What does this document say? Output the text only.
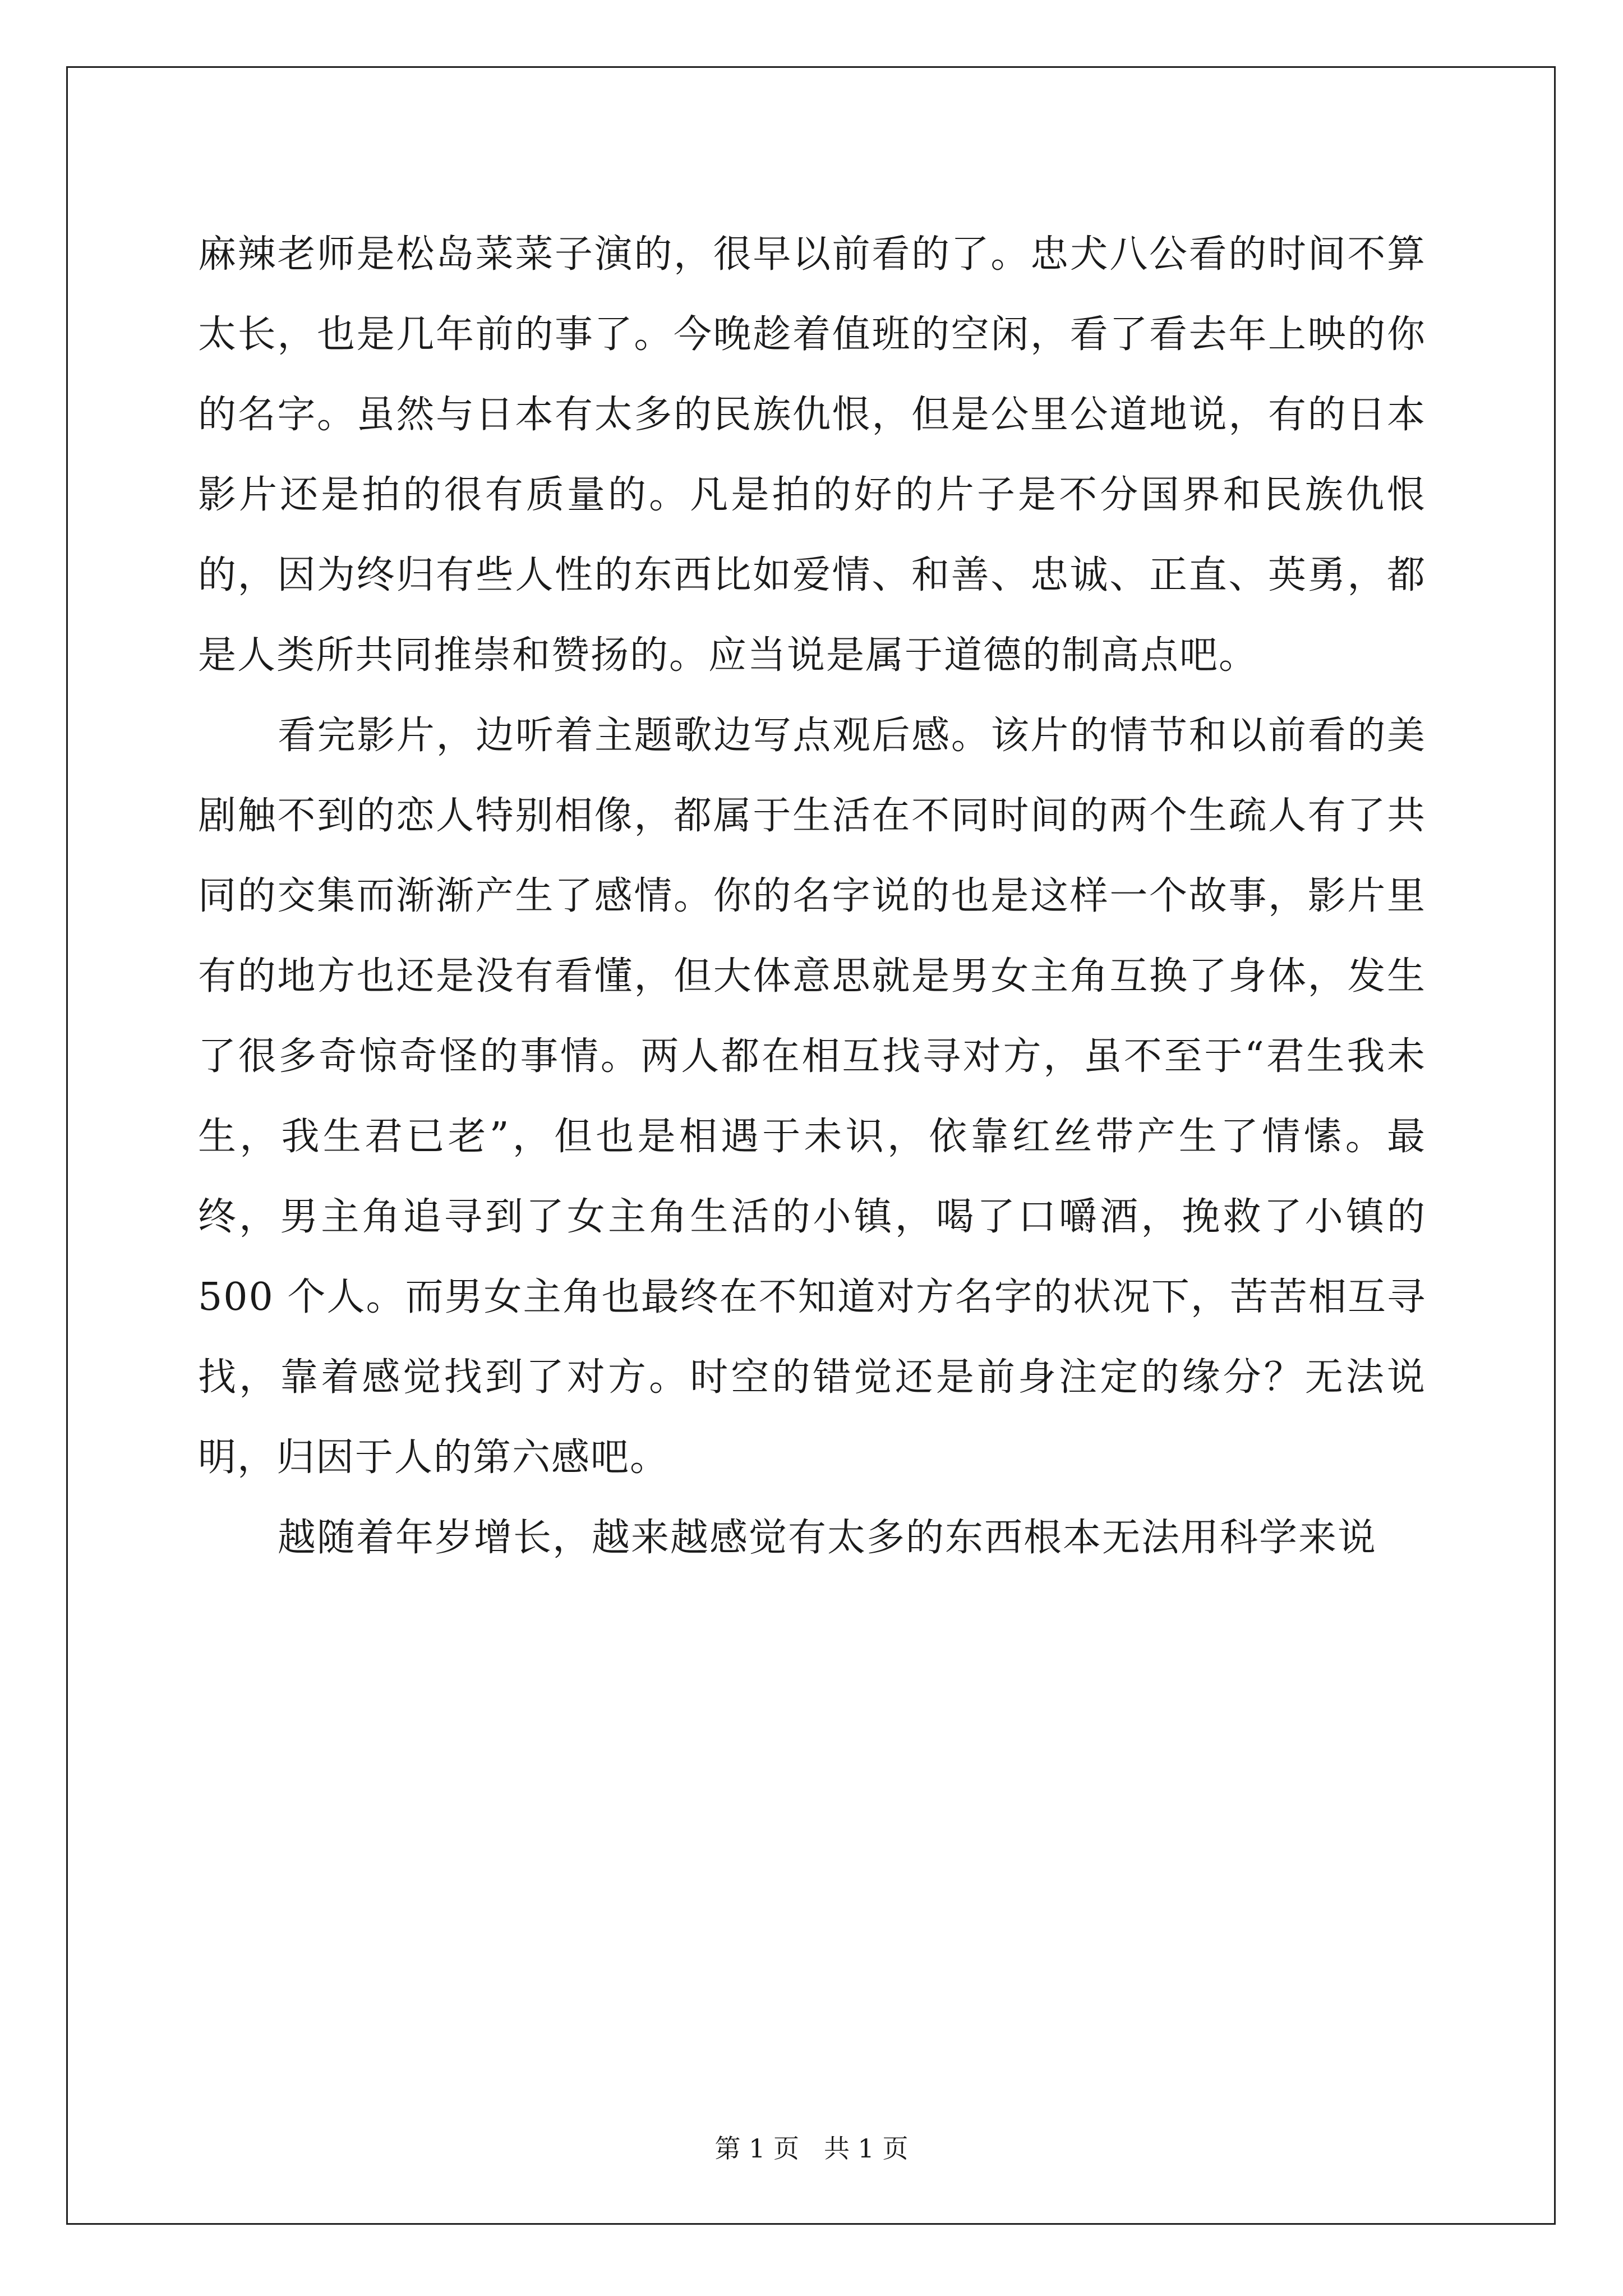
麻辣老师是松岛菜菜子演的，很早以前看的了。忠犬八公看的时间不算太长，也是几年前的事了。今晚趁着值班的空闲，看了看去年上映的你的名字。虽然与日本有太多的民族仇恨，但是公里公道地说，有的日本影片还是拍的很有质量的。凡是拍的好的片子是不分国界和民族仇恨的，因为终归有些人性的东西比如爱情、和善、忠诚、正直、英勇，都是人类所共同推崇和赞扬的。应当说是属于道德的制高点吧。

看完影片，边听着主题歌边写点观后感。该片的情节和以前看的美剧触不到的恋人特别相像，都属于生活在不同时间的两个生疏人有了共同的交集而渐渐产生了感情。你的名字说的也是这样一个故事，影片里有的地方也还是没有看懂，但大体意思就是男女主角互换了身体，发生了很多奇惊奇怪的事情。两人都在相互找寻对方，虽不至于“君生我未生，我生君已老”，但也是相遇于未识，依靠红丝带产生了情愫。最终，男主角追寻到了女主角生活的小镇，喝了口嚼酒，挽救了小镇的 500 个人。而男女主角也最终在不知道对方名字的状况下，苦苦相互寻找，靠着感觉找到了对方。时空的错觉还是前身注定的缘分？无法说明，归因于人的第六感吧。

越随着年岁增长，越来越感觉有太多的东西根本无法用科学来说

第 1 页 共 1 页
